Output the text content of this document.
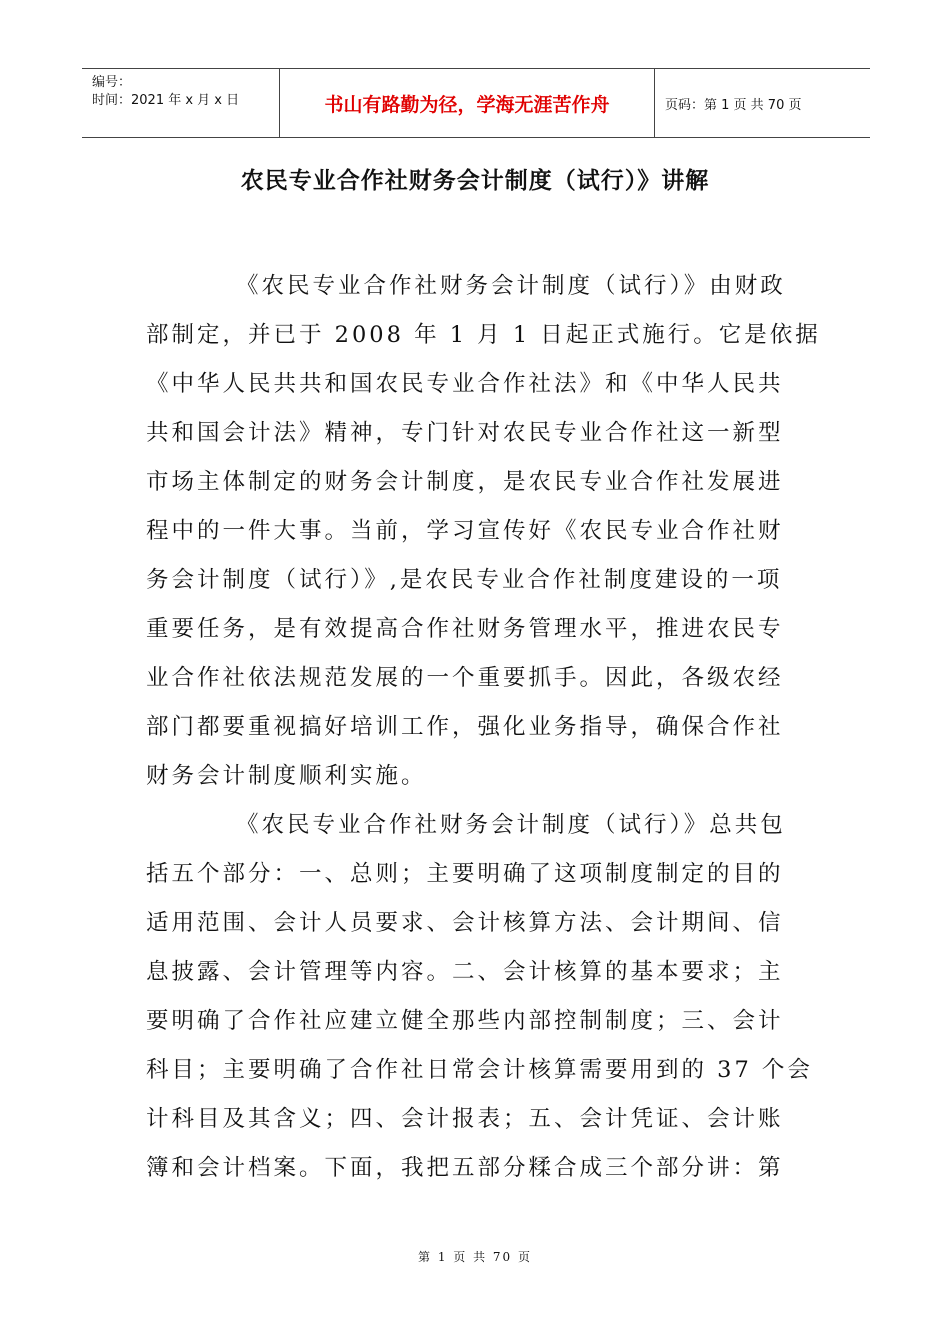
编号：
时间：2021 年 x 月 x 日	书山有路勤为径，学海无涯苦作舟	页码：第 1 页 共 70 页
农民专业合作社财务会计制度（试行）》讲解

《农民专业合作社财务会计制度（试行）》由财政
部制定，并已于 2008 年 1 月 1 日起正式施行。它是依据
《中华人民共共和国农民专业合作社法》和《中华人民共
共和国会计法》精神，专门针对农民专业合作社这一新型
市场主体制定的财务会计制度，是农民专业合作社发展进
程中的一件大事。当前，学习宣传好《农民专业合作社财
务会计制度（试行）》,是农民专业合作社制度建设的一项
重要任务，是有效提高合作社财务管理水平，推进农民专
业合作社依法规范发展的一个重要抓手。因此，各级农经
部门都要重视搞好培训工作，强化业务指导，确保合作社
财务会计制度顺利实施。

《农民专业合作社财务会计制度（试行）》总共包
括五个部分：一、总则；主要明确了这项制度制定的目的
适用范围、会计人员要求、会计核算方法、会计期间、信
息披露、会计管理等内容。二、会计核算的基本要求；主
要明确了合作社应建立健全那些内部控制制度；三、会计
科目；主要明确了合作社日常会计核算需要用到的 37 个会
计科目及其含义；四、会计报表；五、会计凭证、会计账
簿和会计档案。下面，我把五部分糅合成三个部分讲：第

第 1 页 共 70 页
